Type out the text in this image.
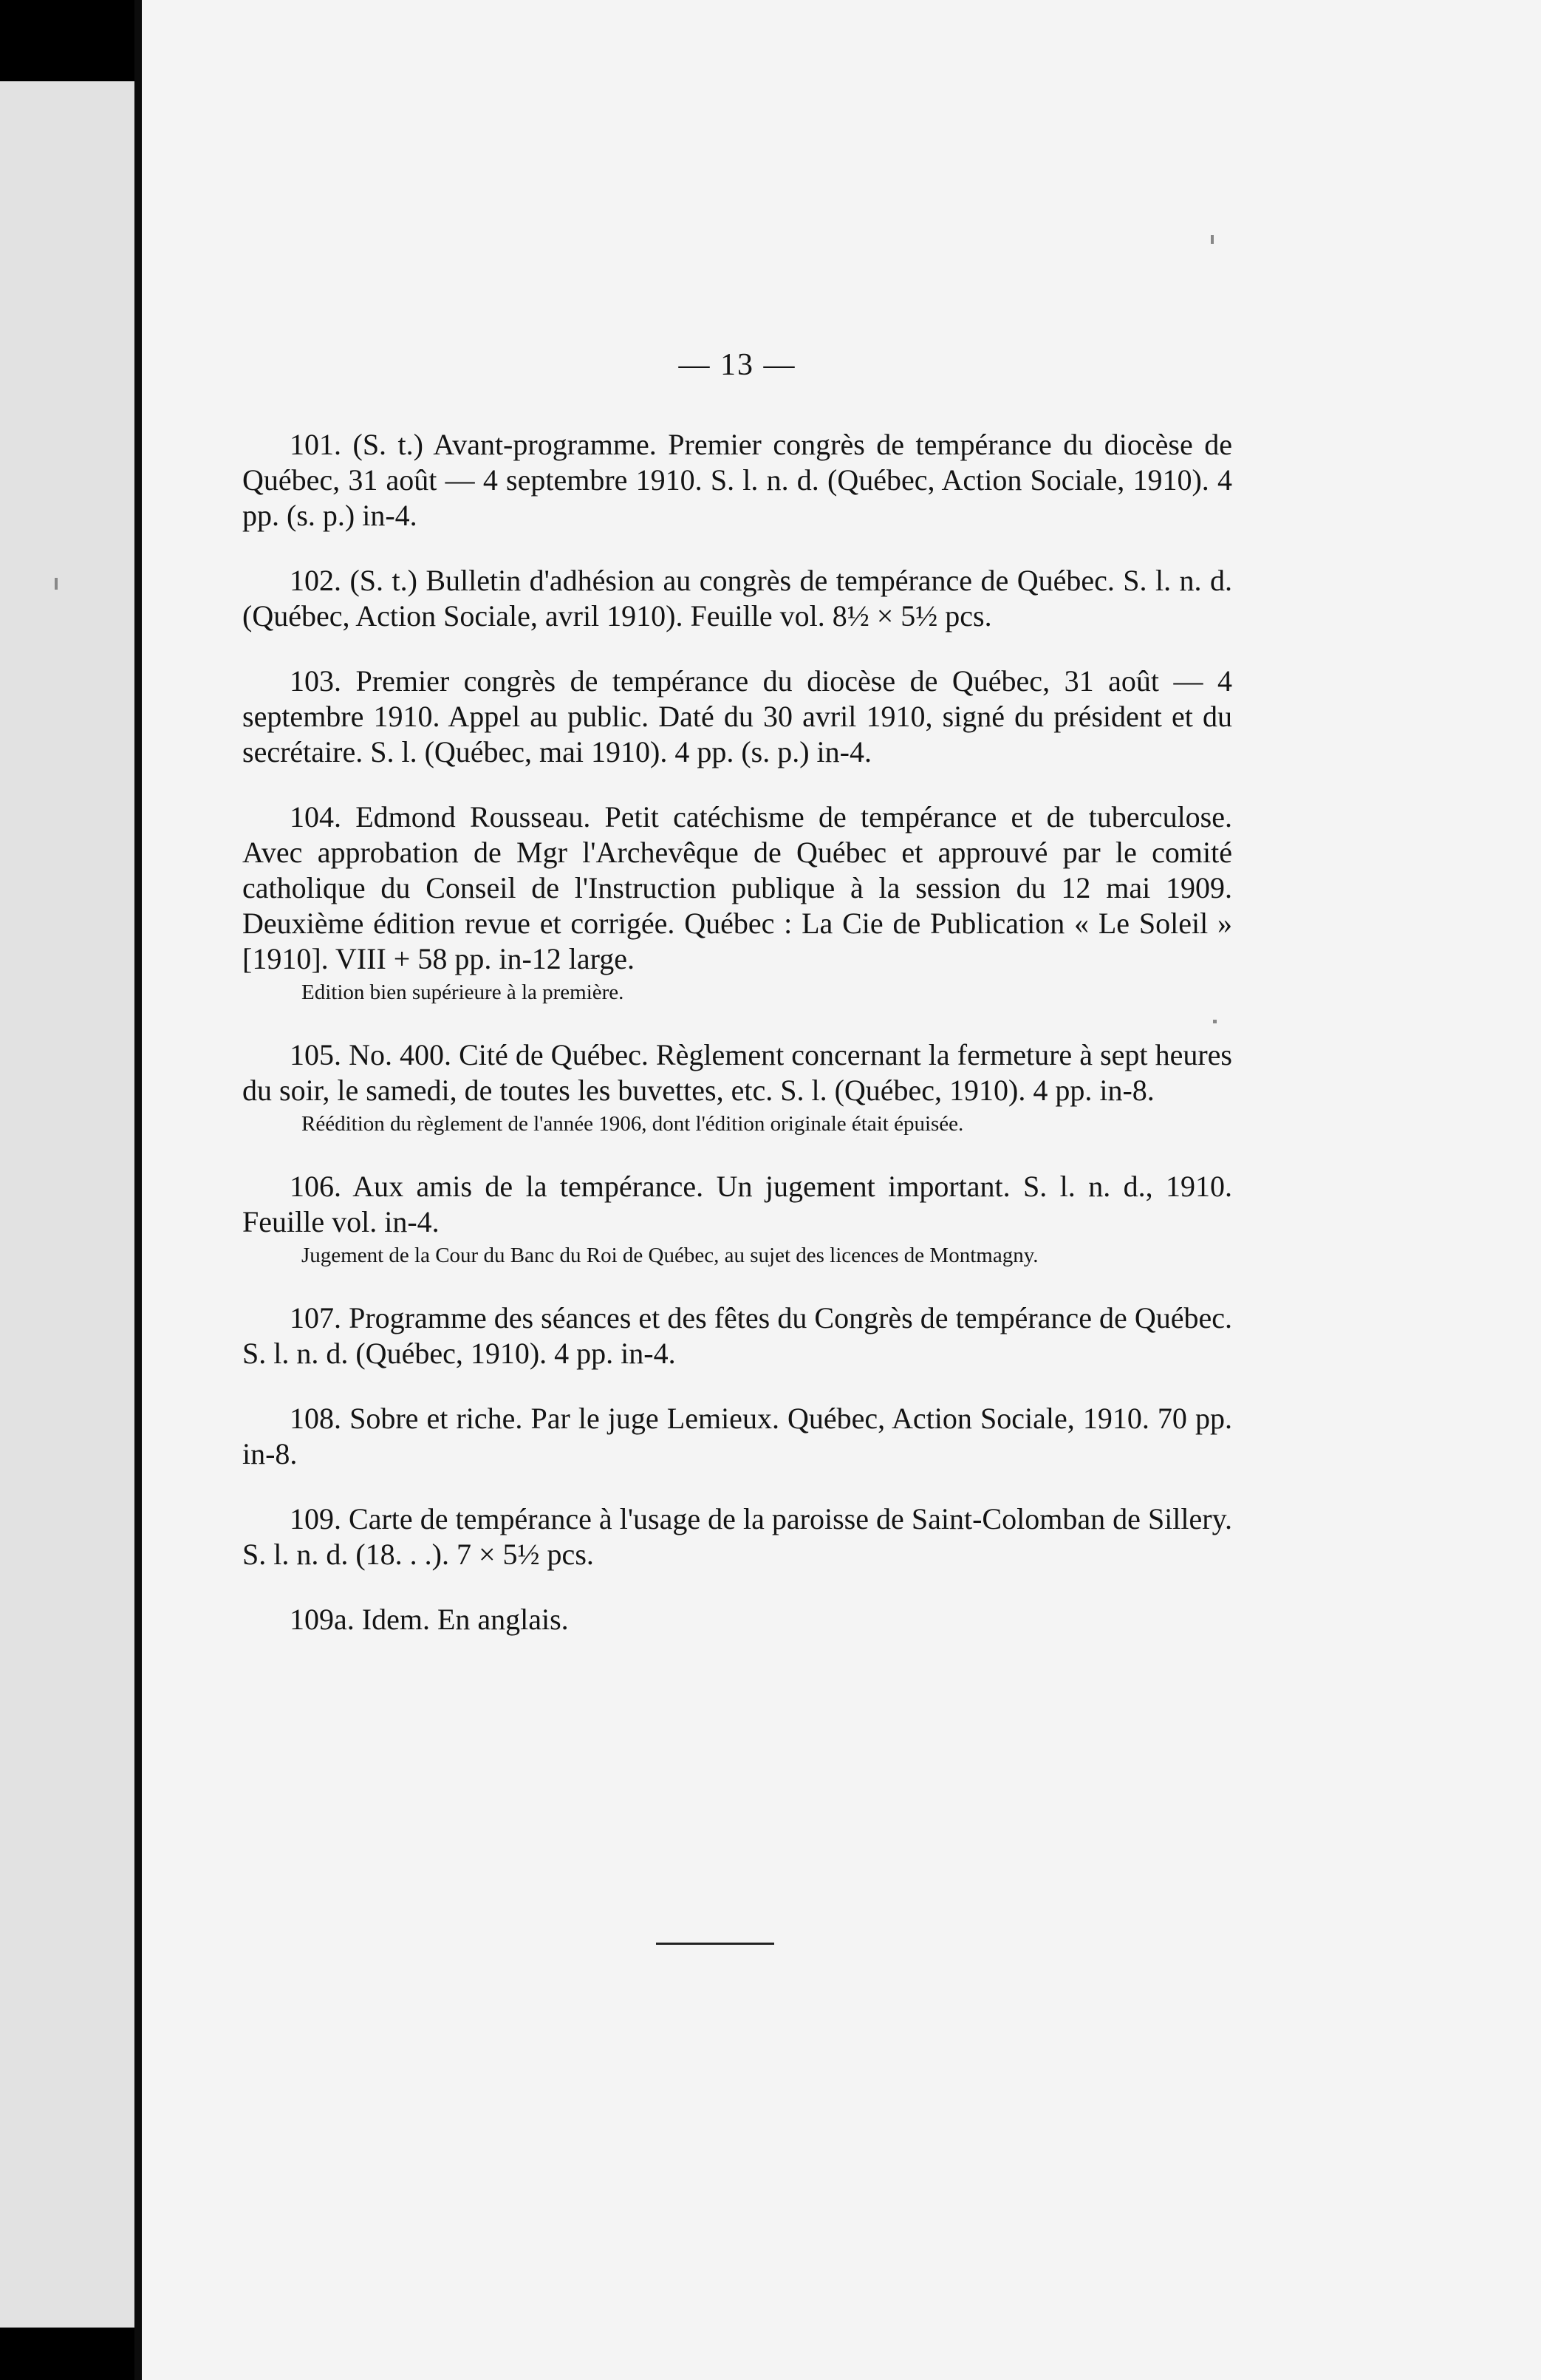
— 13 —

101. (S. t.) Avant-programme. Premier congrès de tempérance du diocèse de Québec, 31 août — 4 septembre 1910. S. l. n. d. (Québec, Action Sociale, 1910). 4 pp. (s. p.) in-4.

102. (S. t.) Bulletin d'adhésion au congrès de tempérance de Québec. S. l. n. d. (Québec, Action Sociale, avril 1910). Feuille vol. 8½ × 5½ pcs.

103. Premier congrès de tempérance du diocèse de Québec, 31 août — 4 septembre 1910. Appel au public. Daté du 30 avril 1910, signé du président et du secrétaire. S. l. (Québec, mai 1910). 4 pp. (s. p.) in-4.

104. Edmond Rousseau. Petit catéchisme de tempérance et de tuberculose. Avec approbation de Mgr l'Archevêque de Québec et approuvé par le comité catholique du Conseil de l'Instruction publique à la session du 12 mai 1909. Deuxième édition revue et corrigée. Québec : La Cie de Publication « Le Soleil » [1910]. VIII + 58 pp. in-12 large.

Edition bien supérieure à la première.

105. No. 400. Cité de Québec. Règlement concernant la fermeture à sept heures du soir, le samedi, de toutes les buvettes, etc. S. l. (Québec, 1910). 4 pp. in-8.

Réédition du règlement de l'année 1906, dont l'édition originale était épuisée.

106. Aux amis de la tempérance. Un jugement important. S. l. n. d., 1910. Feuille vol. in-4.

Jugement de la Cour du Banc du Roi de Québec, au sujet des licences de Montmagny.

107. Programme des séances et des fêtes du Congrès de tempérance de Québec. S. l. n. d. (Québec, 1910). 4 pp. in-4.

108. Sobre et riche. Par le juge Lemieux. Québec, Action Sociale, 1910. 70 pp. in-8.

109. Carte de tempérance à l'usage de la paroisse de Saint-Colomban de Sillery. S. l. n. d. (18. . .). 7 × 5½ pcs.

109a. Idem. En anglais.
